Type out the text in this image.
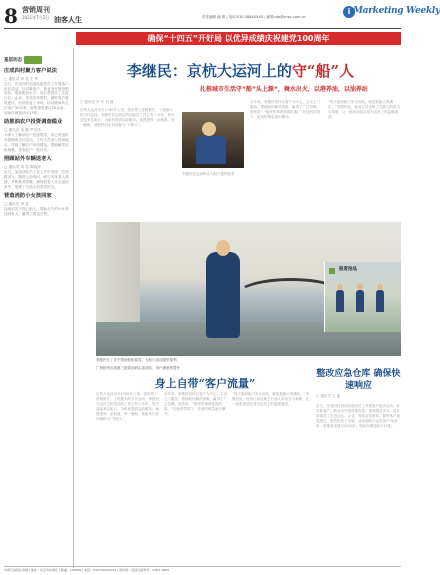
8 营销周刊
2021年7月2日 油客人生	责任编辑 谢 维 | 电话:010-5884XXXX | 邮箱:vip@cnpc.com.cn
i Marketing Weekly
确保“十四五”开好局 以优异成绩庆祝建党100周年
基层动态
庄成四村聚力客户说法
□ 通讯员 刘 亮 王 华
近日，庄成四村加油站组织员工开展客户说法活动，针对新客户、新业务开展营销宣传，提高服务水平。站长带领员工走进社区、企业，发放宣传资料，倾听客户意见建议，有效拓宽了市场。活动期间共走访客户30余家，收集意见建议20余条，现场办理加油卡15张。
助推油农户投资调查稳业
□ 通讯员 吴 磊 罗光伟
为深入了解油农户投资需求，该公司组织开展调查走访活动，工作人员深入田间地头，详细了解农户用油情况，帮助解决实际困难，受到农户一致好评。
照顾站外车辆送老人
□ 通讯员 刘 佳 陈晓萍
近日，某加油站员工在工作中发现一位迷路老人，随即上前询问，耐心安抚老人情绪，并联系其家属，最终将老人安全送回家中，展现了石油人的责任担当。
营造消防小女孩回家
□ 通讯员 李 芳
加油站员工热心助人，帮助走失的小女孩找到家人，赢得了群众点赞。
李继民：京杭大运河上的守“船”人
扎根城市生活守“船”头上源“，舞水出火，以港养油，以油养站
□ 通讯员 李 玲 刘 强
京杭大运河全长1700多公里，是世界上里程最长、工程最大的古代运河。李继民在运河边的加油站工作已有十余年，每天迎接来往船只，为船民提供加油服务。他熟悉每一条航道、每一艘船，被船民们亲切地称为“守船人”。
李继民在运河码头为船只提供服务
多年来，李继民坚持以客户为中心，主动上门服务，帮助船民解决困难，赢得了广泛信赖。他常说：“船民的事就是我的事。”在他的带领下，站里的销量逐年攀升。
“每天看到船只安全出航，就是我最大的满足。”李继民说。他用行动诠释了石油人的担当与奉献，让一座座加油站成为运河上的温暖港湾。
报客拾品
李继民在工作中帮助船舶系缆，为船只加油提供便利。
广西梧州石油港三段供油码头加油站，用户满意度提升
身上自带“客户流量”
整改应急仓库 确保快速响应
□ 通讯员 王 磊
京杭大运河全长1700多公里，是世界上里程最长、工程最大的古代运河。李继民在运河边的加油站工作已有十余年，每天迎接来往船只，为船民提供加油服务。他熟悉每一条航道、每一艘船，被船民们亲切地称为“守船人”。
多年来，李继民坚持以客户为中心，主动上门服务，帮助船民解决困难，赢得了广泛信赖。他常说：“船民的事就是我的事。”在他的带领下，站里的销量逐年攀升。
“每天看到船只安全出航，就是我最大的满足。”李继民说。他用行动诠释了石油人的担当与奉献，让一座座加油站成为运河上的温暖港湾。	近日，庄成四村加油站组织员工开展客户说法活动，针对新客户、新业务开展营销宣传，提高服务水平。站长带领员工走进社区、企业，发放宣传资料，倾听客户意见建议，有效拓宽了市场。活动期间共走访客户30余家，收集意见建议20余条，现场办理加油卡15张。
中国石油报社印刷 | 地址：北京市东城区 | 邮编：100000 | 电话：010-XXXXXXXX | 国内统一连续出版物号：CN11-0000
